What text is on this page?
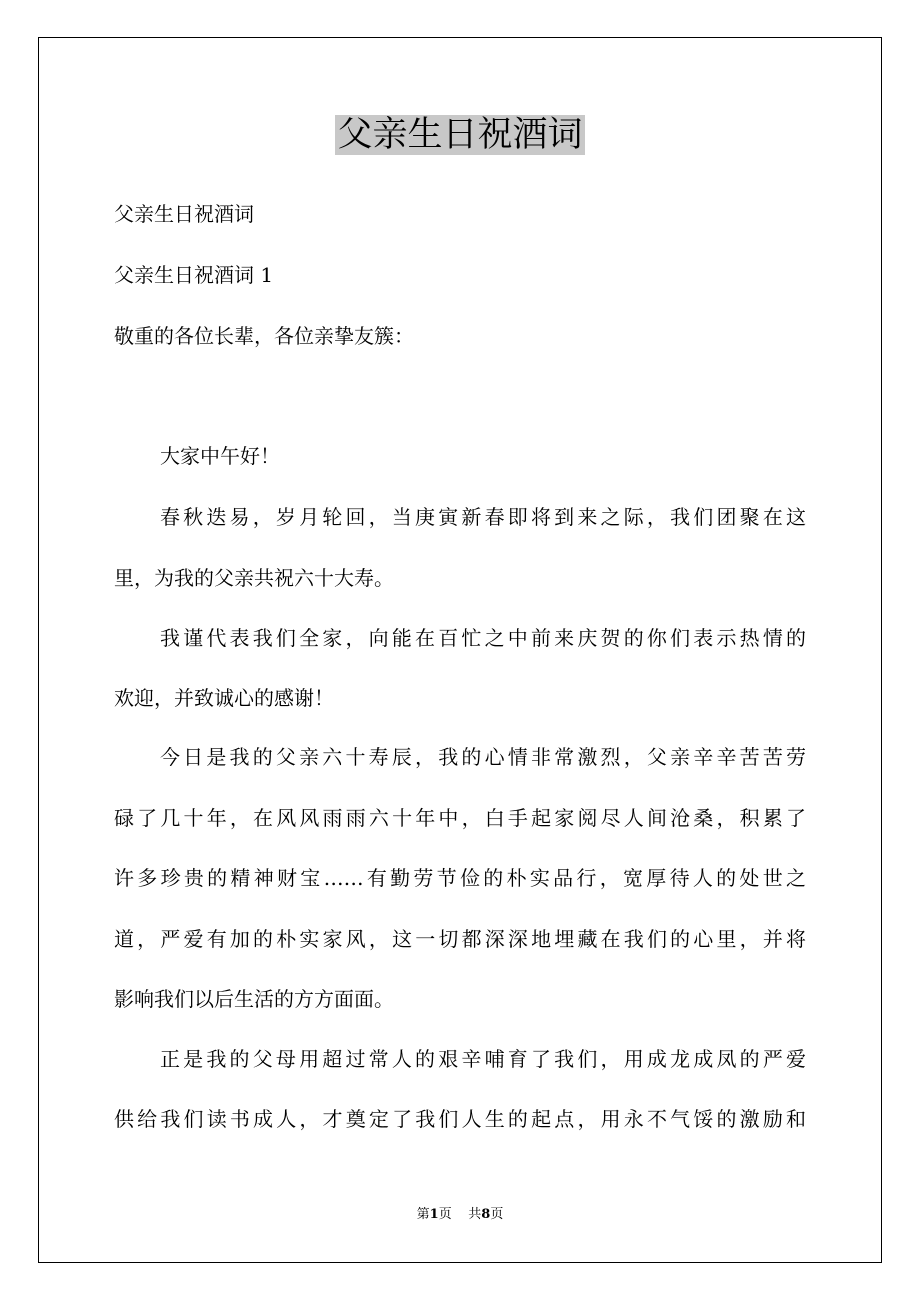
父亲生日祝酒词
父亲生日祝酒词
父亲生日祝酒词 1
敬重的各位长辈，各位亲挚友簇：
大家中午好！
春秋迭易，岁月轮回，当庚寅新春即将到来之际，我们团聚在这
里，为我的父亲共祝六十大寿。
我谨代表我们全家，向能在百忙之中前来庆贺的你们表示热情的
欢迎，并致诚心的感谢！
今日是我的父亲六十寿辰，我的心情非常激烈，父亲辛辛苦苦劳
碌了几十年，在风风雨雨六十年中，白手起家阅尽人间沧桑，积累了
许多珍贵的精神财宝……有勤劳节俭的朴实品行，宽厚待人的处世之
道，严爱有加的朴实家风，这一切都深深地埋藏在我们的心里，并将
影响我们以后生活的方方面面。
正是我的父母用超过常人的艰辛哺育了我们，用成龙成凤的严爱
供给我们读书成人，才奠定了我们人生的起点，用永不气馁的激励和
第1页 共8页
